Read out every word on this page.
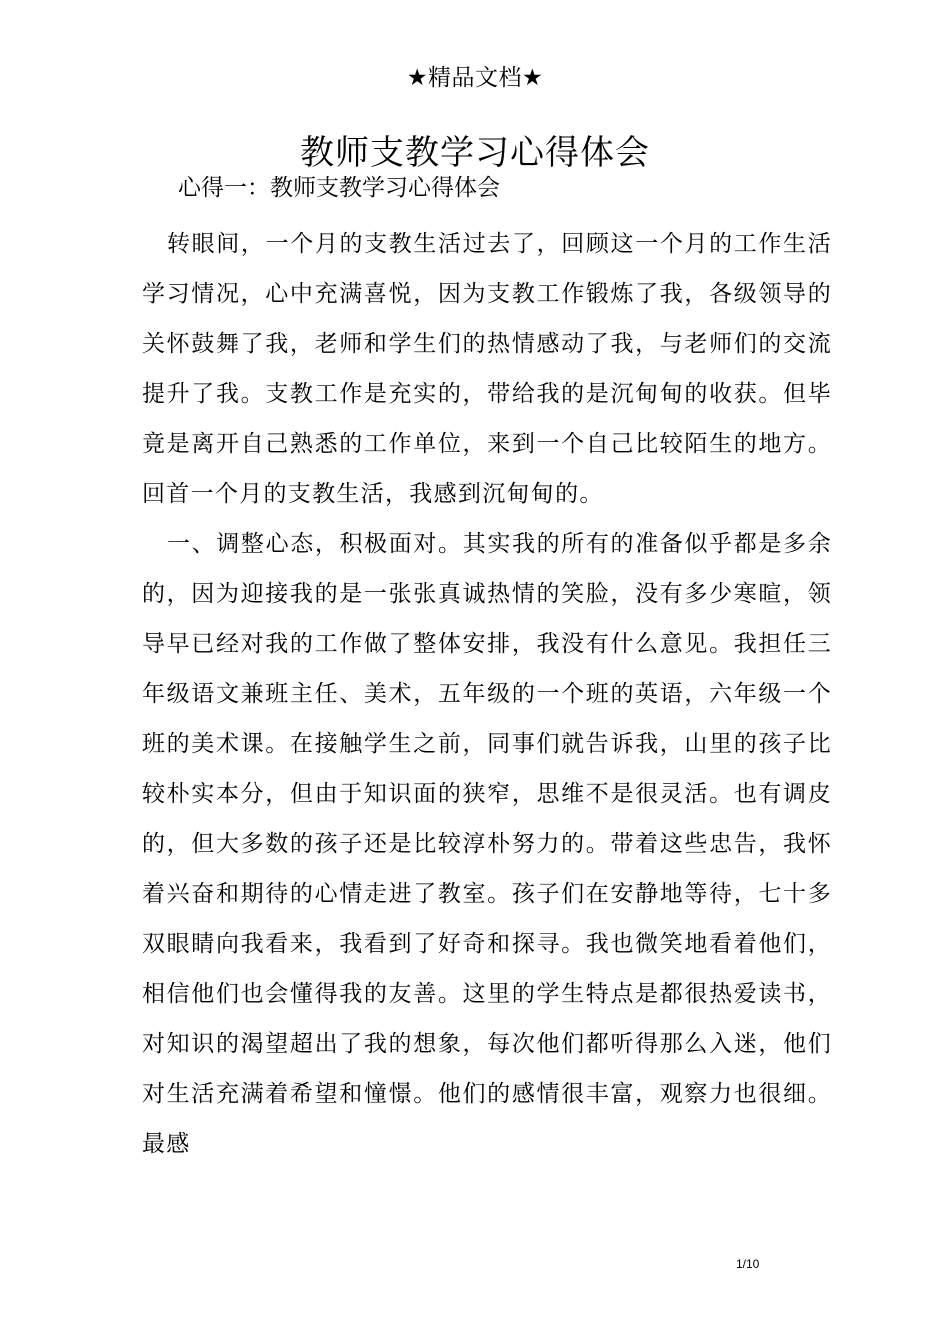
★精品文档★
教师支教学习心得体会
心得一：教师支教学习心得体会

转眼间，一个月的支教生活过去了，回顾这一个月的工作生活学习情况，心中充满喜悦，因为支教工作锻炼了我，各级领导的关怀鼓舞了我，老师和学生们的热情感动了我，与老师们的交流提升了我。支教工作是充实的，带给我的是沉甸甸的收获。但毕竟是离开自己熟悉的工作单位，来到一个自己比较陌生的地方。回首一个月的支教生活，我感到沉甸甸的。

一、调整心态，积极面对。其实我的所有的准备似乎都是多余的，因为迎接我的是一张张真诚热情的笑脸，没有多少寒暄，领导早已经对我的工作做了整体安排，我没有什么意见。我担任三年级语文兼班主任、美术，五年级的一个班的英语，六年级一个班的美术课。在接触学生之前，同事们就告诉我，山里的孩子比较朴实本分，但由于知识面的狭窄，思维不是很灵活。也有调皮的，但大多数的孩子还是比较淳朴努力的。带着这些忠告，我怀着兴奋和期待的心情走进了教室。孩子们在安静地等待，七十多双眼睛向我看来，我看到了好奇和探寻。我也微笑地看着他们，相信他们也会懂得我的友善。这里的学生特点是都很热爱读书，对知识的渴望超出了我的想象，每次他们都听得那么入迷，他们对生活充满着希望和憧憬。他们的感情很丰富，观察力也很细。最感

1/10
